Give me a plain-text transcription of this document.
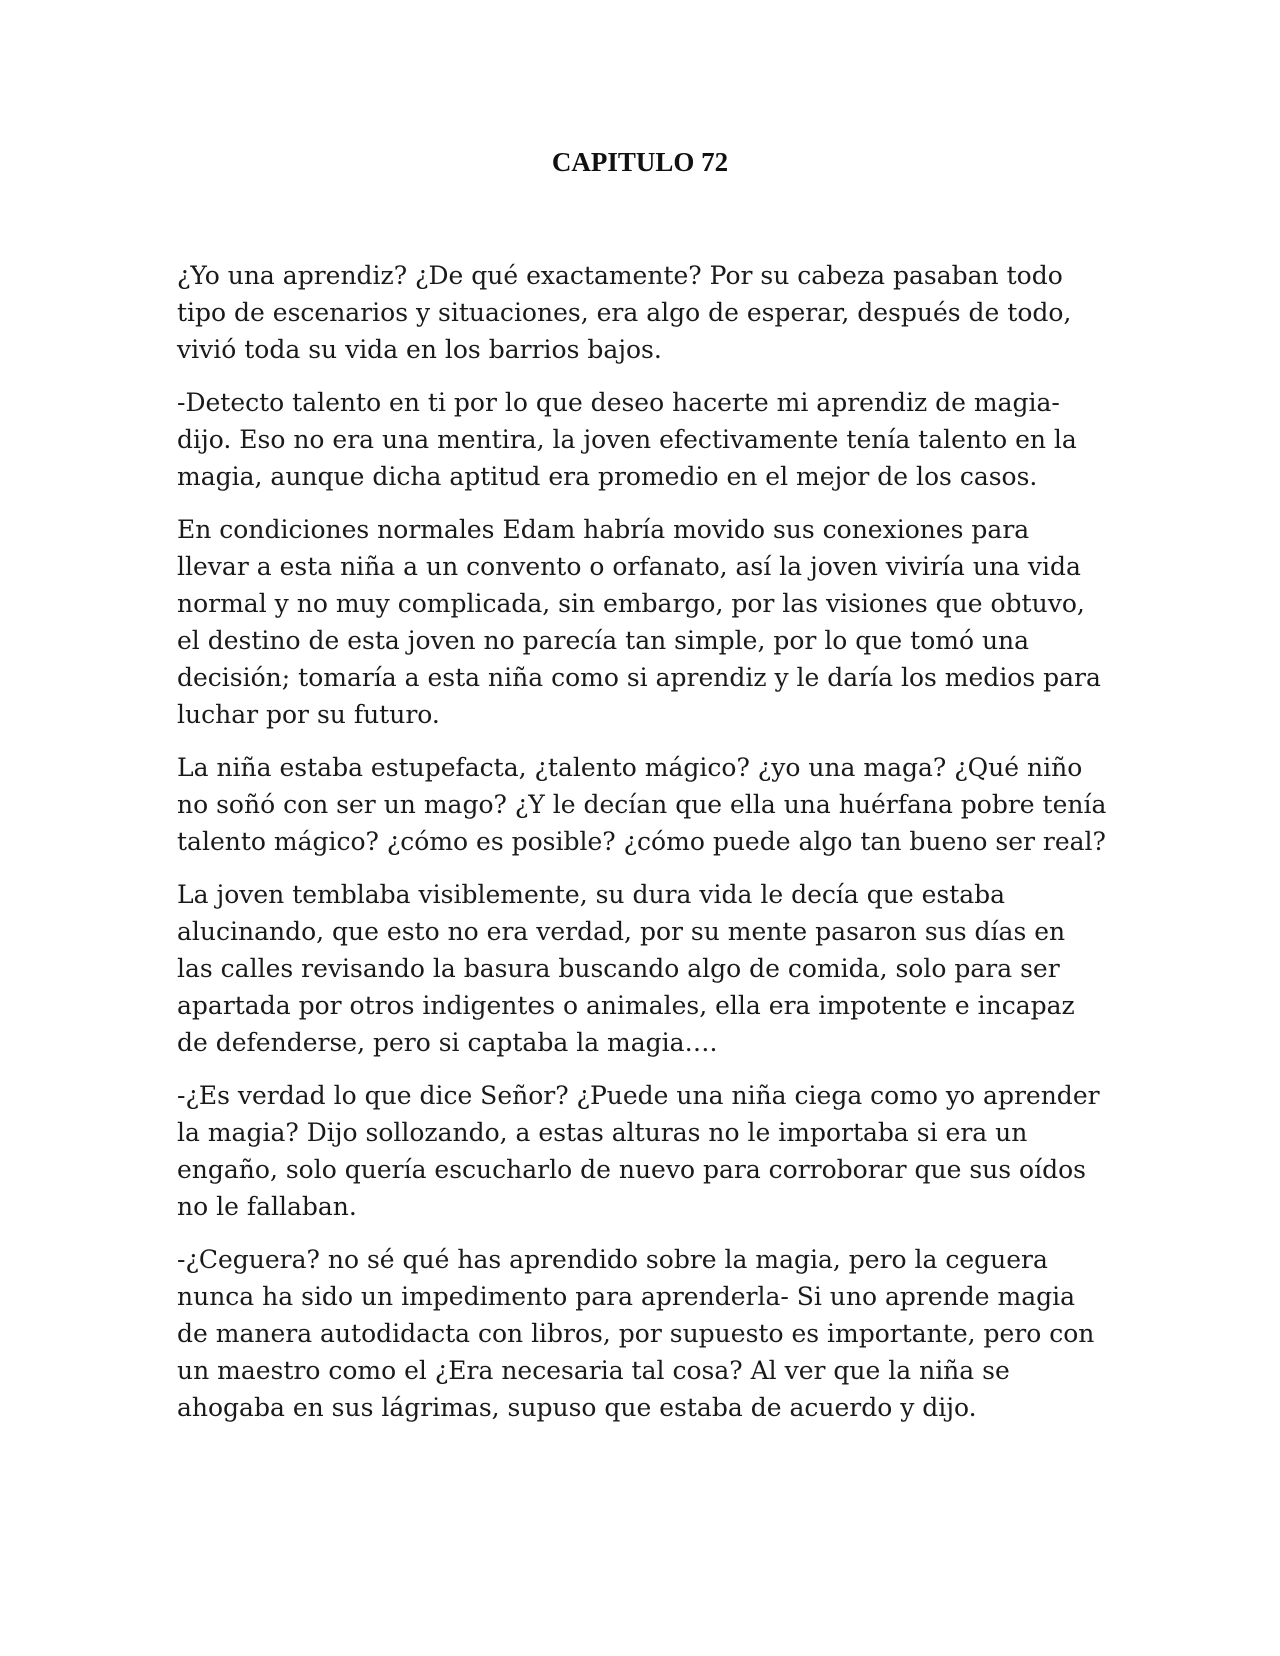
CAPITULO 72

¿Yo una aprendiz? ¿De qué exactamente? Por su cabeza pasaban todo tipo de escenarios y situaciones, era algo de esperar, después de todo, vivió toda su vida en los barrios bajos.

-Detecto talento en ti por lo que deseo hacerte mi aprendiz de magia-dijo. Eso no era una mentira, la joven efectivamente tenía talento en la magia, aunque dicha aptitud era promedio en el mejor de los casos.

En condiciones normales Edam habría movido sus conexiones para llevar a esta niña a un convento o orfanato, así la joven viviría una vida normal y no muy complicada, sin embargo, por las visiones que obtuvo, el destino de esta joven no parecía tan simple, por lo que tomó una decisión; tomaría a esta niña como si aprendiz y le daría los medios para luchar por su futuro.

La niña estaba estupefacta, ¿talento mágico? ¿yo una maga? ¿Qué niño no soñó con ser un mago? ¿Y le decían que ella una huérfana pobre tenía talento mágico? ¿cómo es posible? ¿cómo puede algo tan bueno ser real?

La joven temblaba visiblemente, su dura vida le decía que estaba alucinando, que esto no era verdad, por su mente pasaron sus días en las calles revisando la basura buscando algo de comida, solo para ser apartada por otros indigentes o animales, ella era impotente e incapaz de defenderse, pero si captaba la magia….

-¿Es verdad lo que dice Señor? ¿Puede una niña ciega como yo aprender la magia? Dijo sollozando, a estas alturas no le importaba si era un engaño, solo quería escucharlo de nuevo para corroborar que sus oídos no le fallaban.

-¿Ceguera? no sé qué has aprendido sobre la magia, pero la ceguera nunca ha sido un impedimento para aprenderla- Si uno aprende magia de manera autodidacta con libros, por supuesto es importante, pero con un maestro como el ¿Era necesaria tal cosa? Al ver que la niña se ahogaba en sus lágrimas, supuso que estaba de acuerdo y dijo.
